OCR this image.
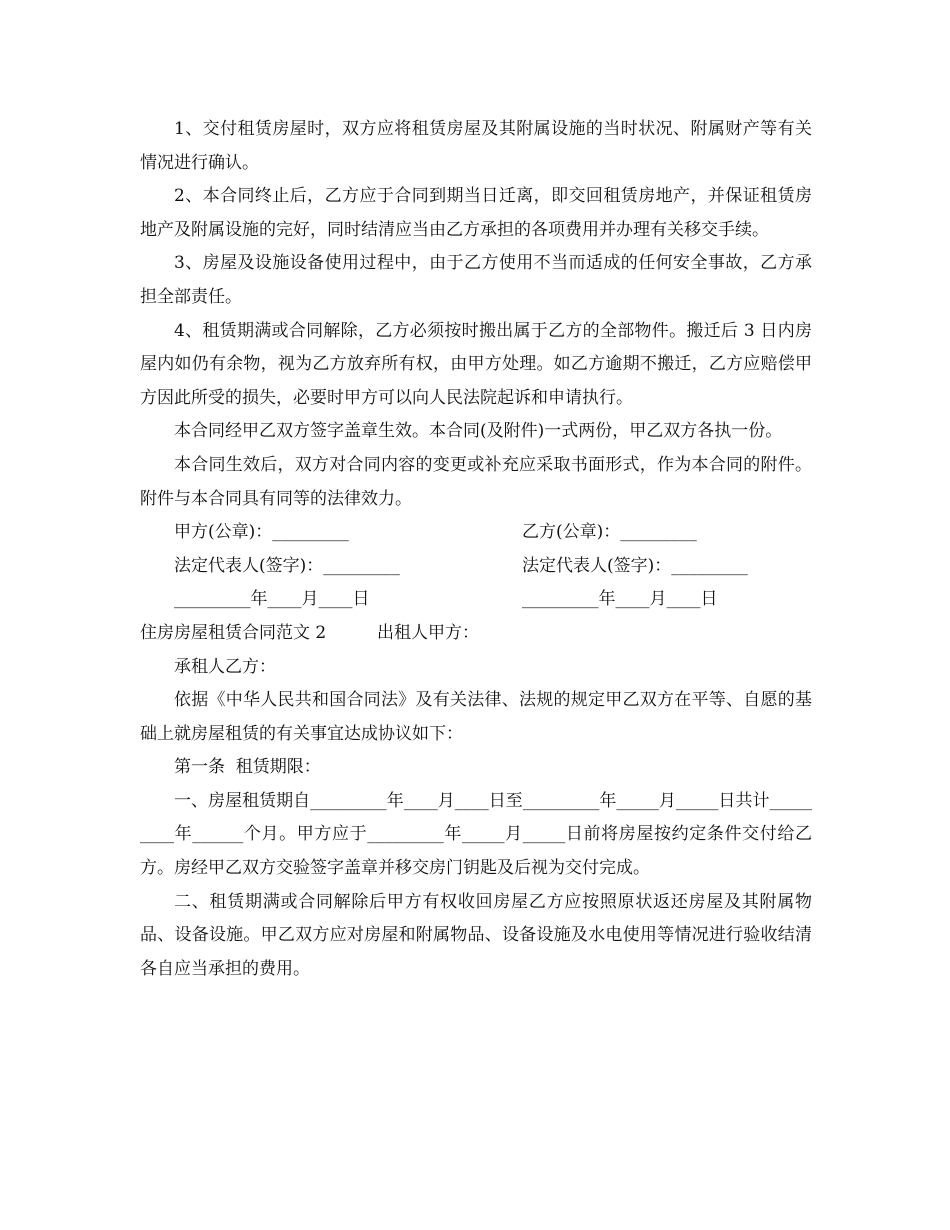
1、交付租赁房屋时，双方应将租赁房屋及其附属设施的当时状况、附属财产等有关情况进行确认。

2、本合同终止后，乙方应于合同到期当日迁离，即交回租赁房地产，并保证租赁房地产及附属设施的完好，同时结清应当由乙方承担的各项费用并办理有关移交手续。

3、房屋及设施设备使用过程中，由于乙方使用不当而适成的任何安全事故，乙方承担全部责任。

4、租赁期满或合同解除，乙方必须按时搬出属于乙方的全部物件。搬迁后 3 日内房屋内如仍有余物，视为乙方放弃所有权，由甲方处理。如乙方逾期不搬迁，乙方应赔偿甲方因此所受的损失，必要时甲方可以向人民法院起诉和申请执行。

本合同经甲乙双方签字盖章生效。本合同(及附件)一式两份，甲乙双方各执一份。

本合同生效后，双方对合同内容的变更或补充应采取书面形式，作为本合同的附件。附件与本合同具有同等的法律效力。

甲方(公章)：_________

	乙方(公章)：_________

法定代表人(签字)：_________

	法定代表人(签字)：_________

_________年____月____日

	_________年____月____日

住房房屋租赁合同范文 2

	出租人甲方：

承租人乙方：

依据《中华人民共和国合同法》及有关法律、法规的规定甲乙双方在平等、自愿的基础上就房屋租赁的有关事宜达成协议如下：

第一条  租赁期限：

一、房屋租赁期自_________年____月____日至_________年_____月_____日共计_________年______个月。甲方应于_________年_____月_____日前将房屋按约定条件交付给乙方。房经甲乙双方交验签字盖章并移交房门钥匙及后视为交付完成。

二、租赁期满或合同解除后甲方有权收回房屋乙方应按照原状返还房屋及其附属物品、设备设施。甲乙双方应对房屋和附属物品、设备设施及水电使用等情况进行验收结清各自应当承担的费用。
